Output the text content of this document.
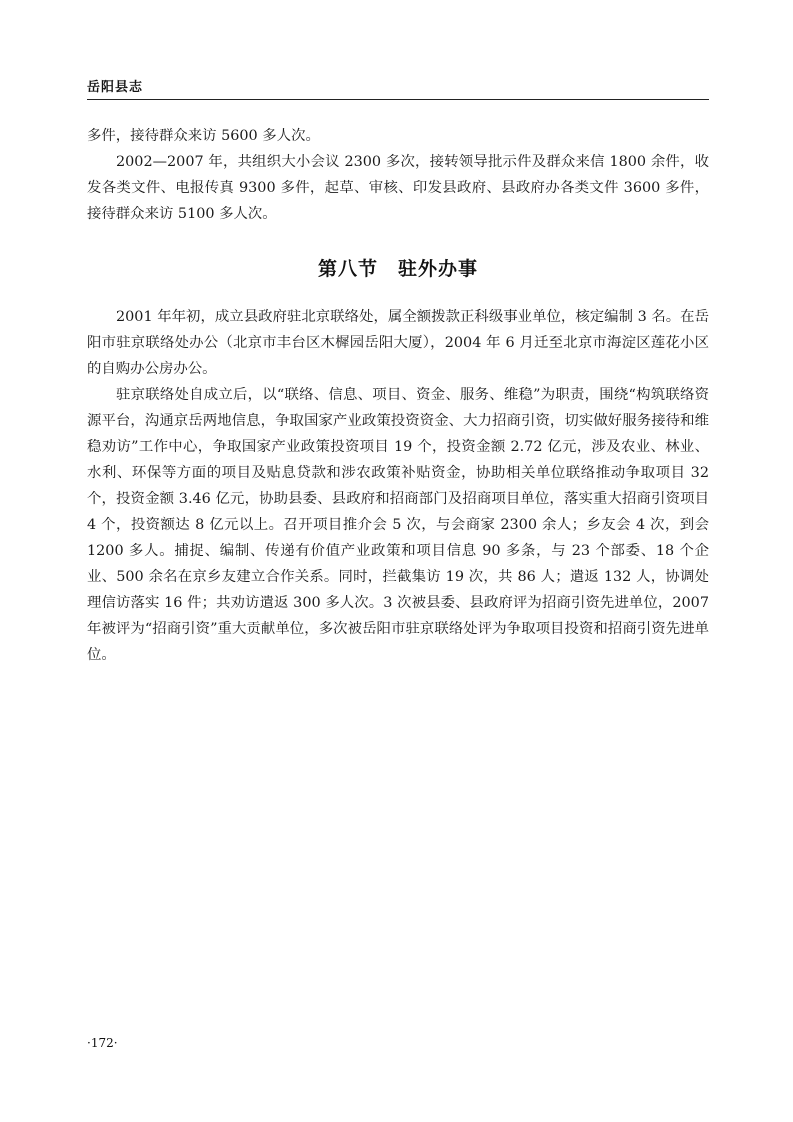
岳阳县志

多件，接待群众来访 5600 多人次。

2002—2007 年，共组织大小会议 2300 多次，接转领导批示件及群众来信 1800 余件，收发各类文件、电报传真 9300 多件，起草、审核、印发县政府、县政府办各类文件 3600 多件，接待群众来访 5100 多人次。

第八节　驻外办事

2001 年年初，成立县政府驻北京联络处，属全额拨款正科级事业单位，核定编制 3 名。在岳阳市驻京联络处办公（北京市丰台区木樨园岳阳大厦），2004 年 6 月迁至北京市海淀区莲花小区的自购办公房办公。

驻京联络处自成立后，以“联络、信息、项目、资金、服务、维稳”为职责，围绕“构筑联络资源平台，沟通京岳两地信息，争取国家产业政策投资资金、大力招商引资，切实做好服务接待和维稳劝访”工作中心，争取国家产业政策投资项目 19 个，投资金额 2.72 亿元，涉及农业、林业、水利、环保等方面的项目及贴息贷款和涉农政策补贴资金，协助相关单位联络推动争取项目 32 个，投资金额 3.46 亿元，协助县委、县政府和招商部门及招商项目单位，落实重大招商引资项目 4 个，投资额达 8 亿元以上。召开项目推介会 5 次，与会商家 2300 余人；乡友会 4 次，到会 1200 多人。捕捉、编制、传递有价值产业政策和项目信息 90 多条，与 23 个部委、18 个企业、500 余名在京乡友建立合作关系。同时，拦截集访 19 次，共 86 人；遣返 132 人，协调处理信访落实 16 件；共劝访遣返 300 多人次。3 次被县委、县政府评为招商引资先进单位，2007 年被评为“招商引资”重大贡献单位，多次被岳阳市驻京联络处评为争取项目投资和招商引资先进单位。

·172·
